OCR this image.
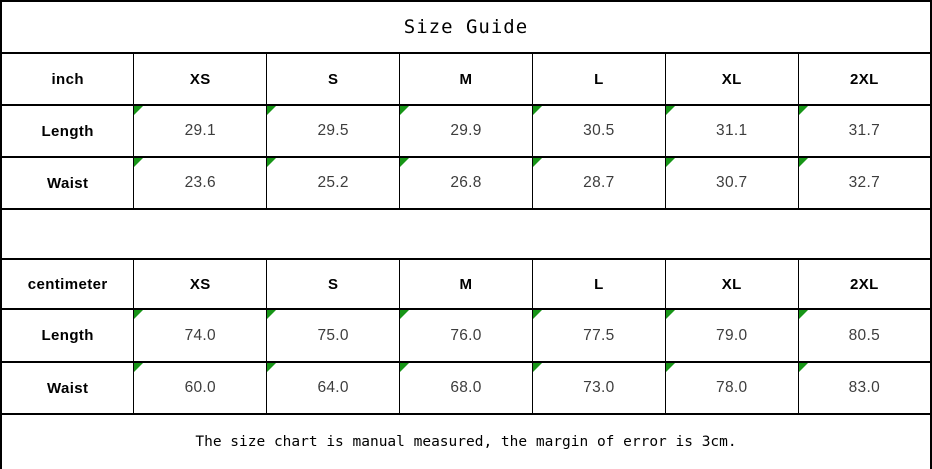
Size Guide						
inch	XS	S	M	L	XL	2XL
Length	29.1	29.5	29.9	30.5	31.1	31.7
Waist	23.6	25.2	26.8	28.7	30.7	32.7

centimeter	XS	S	M	L	XL	2XL
Length	74.0	75.0	76.0	77.5	79.0	80.5
Waist	60.0	64.0	68.0	73.0	78.0	83.0
The size chart is manual measured, the margin of error is 3cm.						
